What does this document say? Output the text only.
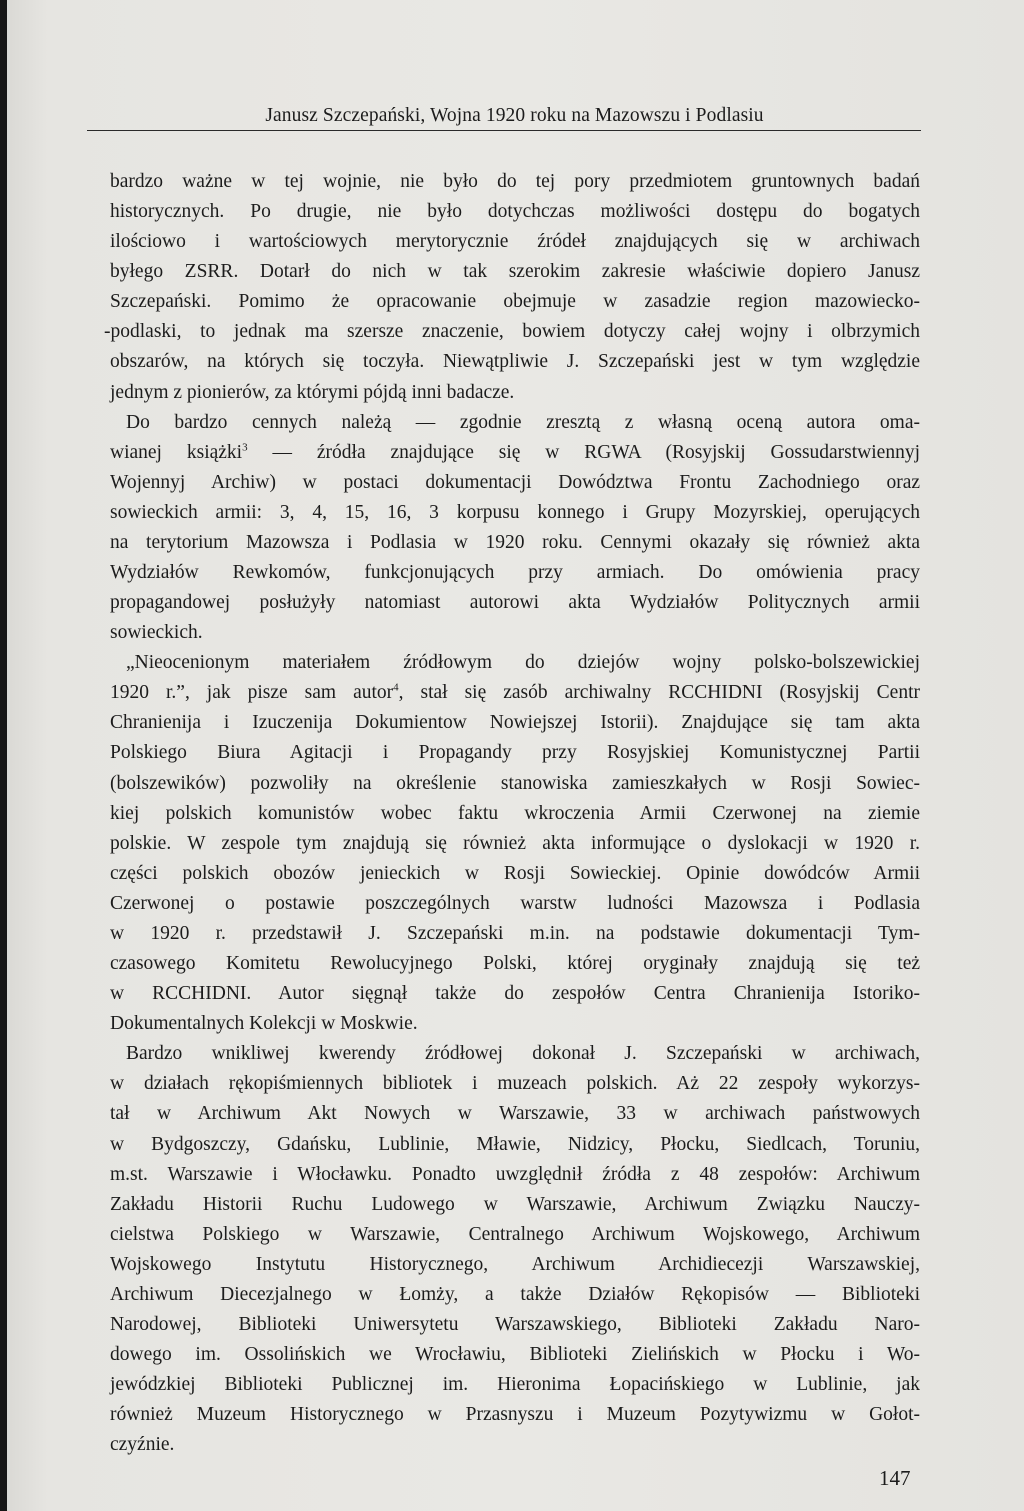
Janusz Szczepański, Wojna 1920 roku na Mazowszu i Podlasiu
bardzo ważne w tej wojnie, nie było do tej pory przedmiotem gruntownych badań
historycznych. Po drugie, nie było dotychczas możliwości dostępu do bogatych
ilościowo i wartościowych merytorycznie źródeł znajdujących się w archiwach
byłego ZSRR. Dotarł do nich w tak szerokim zakresie właściwie dopiero Janusz
Szczepański. Pomimo że opracowanie obejmuje w zasadzie region mazowiecko-
-podlaski, to jednak ma szersze znaczenie, bowiem dotyczy całej wojny i olbrzymich
obszarów, na których się toczyła. Niewątpliwie J. Szczepański jest w tym względzie
jednym z pionierów, za którymi pójdą inni badacze.
Do bardzo cennych należą — zgodnie zresztą z własną oceną autora oma-
wianej książki$^3$ — źródła znajdujące się w RGWA (Rosyjskij Gossudarstwiennyj
Wojennyj Archiw) w postaci dokumentacji Dowództwa Frontu Zachodniego oraz
sowieckich armii: 3, 4, 15, 16, 3 korpusu konnego i Grupy Mozyrskiej, operujących
na terytorium Mazowsza i Podlasia w 1920 roku. Cennymi okazały się również akta
Wydziałów Rewkomów, funkcjonujących przy armiach. Do omówienia pracy
propagandowej posłużyły natomiast autorowi akta Wydziałów Politycznych armii
sowieckich.
„Nieocenionym materiałem źródłowym do dziejów wojny polsko-bolszewickiej
1920 r.”, jak pisze sam autor$^4$, stał się zasób archiwalny RCCHIDNI (Rosyjskij Centr
Chranienija i Izuczenija Dokumientow Nowiejszej Istorii). Znajdujące się tam akta
Polskiego Biura Agitacji i Propagandy przy Rosyjskiej Komunistycznej Partii
(bolszewików) pozwoliły na określenie stanowiska zamieszkałych w Rosji Sowiec-
kiej polskich komunistów wobec faktu wkroczenia Armii Czerwonej na ziemie
polskie. W zespole tym znajdują się również akta informujące o dyslokacji w 1920 r.
części polskich obozów jenieckich w Rosji Sowieckiej. Opinie dowódców Armii
Czerwonej o postawie poszczególnych warstw ludności Mazowsza i Podlasia
w 1920 r. przedstawił J. Szczepański m.in. na podstawie dokumentacji Tym-
czasowego Komitetu Rewolucyjnego Polski, której oryginały znajdują się też
w RCCHIDNI. Autor sięgnął także do zespołów Centra Chranienija Istoriko-
Dokumentalnych Kolekcji w Moskwie.
Bardzo wnikliwej kwerendy źródłowej dokonał J. Szczepański w archiwach,
w działach rękopiśmiennych bibliotek i muzeach polskich. Aż 22 zespoły wykorzys-
tał w Archiwum Akt Nowych w Warszawie, 33 w archiwach państwowych
w Bydgoszczy, Gdańsku, Lublinie, Mławie, Nidzicy, Płocku, Siedlcach, Toruniu,
m.st. Warszawie i Włocławku. Ponadto uwzględnił źródła z 48 zespołów: Archiwum
Zakładu Historii Ruchu Ludowego w Warszawie, Archiwum Związku Nauczy-
cielstwa Polskiego w Warszawie, Centralnego Archiwum Wojskowego, Archiwum
Wojskowego Instytutu Historycznego, Archiwum Archidiecezji Warszawskiej,
Archiwum Diecezjalnego w Łomży, a także Działów Rękopisów — Biblioteki
Narodowej, Biblioteki Uniwersytetu Warszawskiego, Biblioteki Zakładu Naro-
dowego im. Ossolińskich we Wrocławiu, Biblioteki Zielińskich w Płocku i Wo-
jewódzkiej Biblioteki Publicznej im. Hieronima Łopacińskiego w Lublinie, jak
również Muzeum Historycznego w Przasnyszu i Muzeum Pozytywizmu w Gołot-
czyźnie.
147
